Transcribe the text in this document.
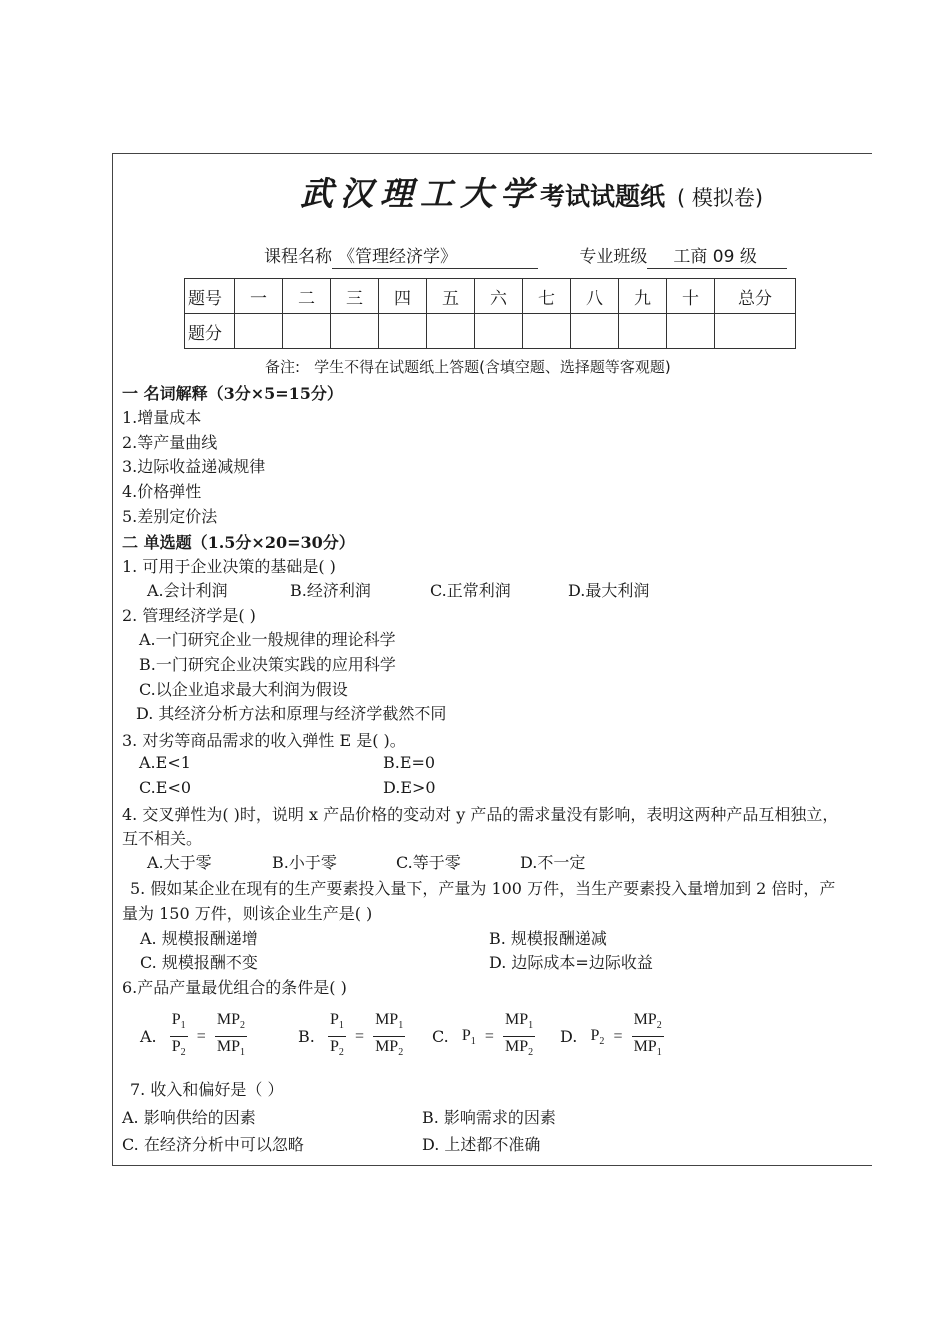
武汉理工大学考试试题纸 ( 模拟卷)
课程名称 《管理经济学》	专业班级 工商 09 级
题号	一	二	三	四	五	六	七	八	九	十	总分
题分											
备注: 学生不得在试题纸上答题(含填空题、选择题等客观题)
一 名词解释（3分×5=15分）
1.增量成本
2.等产量曲线
3.边际收益递减规律
4.价格弹性
5.差别定价法
二 单选题（1.5分×20=30分）
1. 可用于企业决策的基础是( )
A.会计利润	B.经济利润	C.正常利润	D.最大利润
2. 管理经济学是( )
A.一门研究企业一般规律的理论科学
B.一门研究企业决策实践的应用科学
C.以企业追求最大利润为假设
D. 其经济分析方法和原理与经济学截然不同
3. 对劣等商品需求的收入弹性 E 是( )。
A.E<1	B.E=0
C.E<0	D.E>0
4. 交叉弹性为( )时，说明 x 产品价格的变动对 y 产品的需求量没有影响，表明这两种产品互相独立，
互不相关。
A.大于零	B.小于零	C.等于零	D.不一定
5. 假如某企业在现有的生产要素投入量下，产量为 100 万件，当生产要素投入量增加到 2 倍时，产
量为 150 万件，则该企业生产是( )
A. 规模报酬递增	B. 规模报酬递减
C. 规模报酬不变	D. 边际成本=边际收益
6.产品产量最优组合的条件是( )
A. $\frac{P_1}{P_2} = \frac{MP_2}{MP_1}$	B. $\frac{P_1}{P_2} = \frac{MP_1}{MP_2} C$. $P_1 = \frac{MP_1}{MP_2} D$. $P_2 = \frac{MP_2}{MP_1}$
7. 收入和偏好是（ ）
A. 影响供给的因素	B. 影响需求的因素
C. 在经济分析中可以忽略	D. 上述都不准确
